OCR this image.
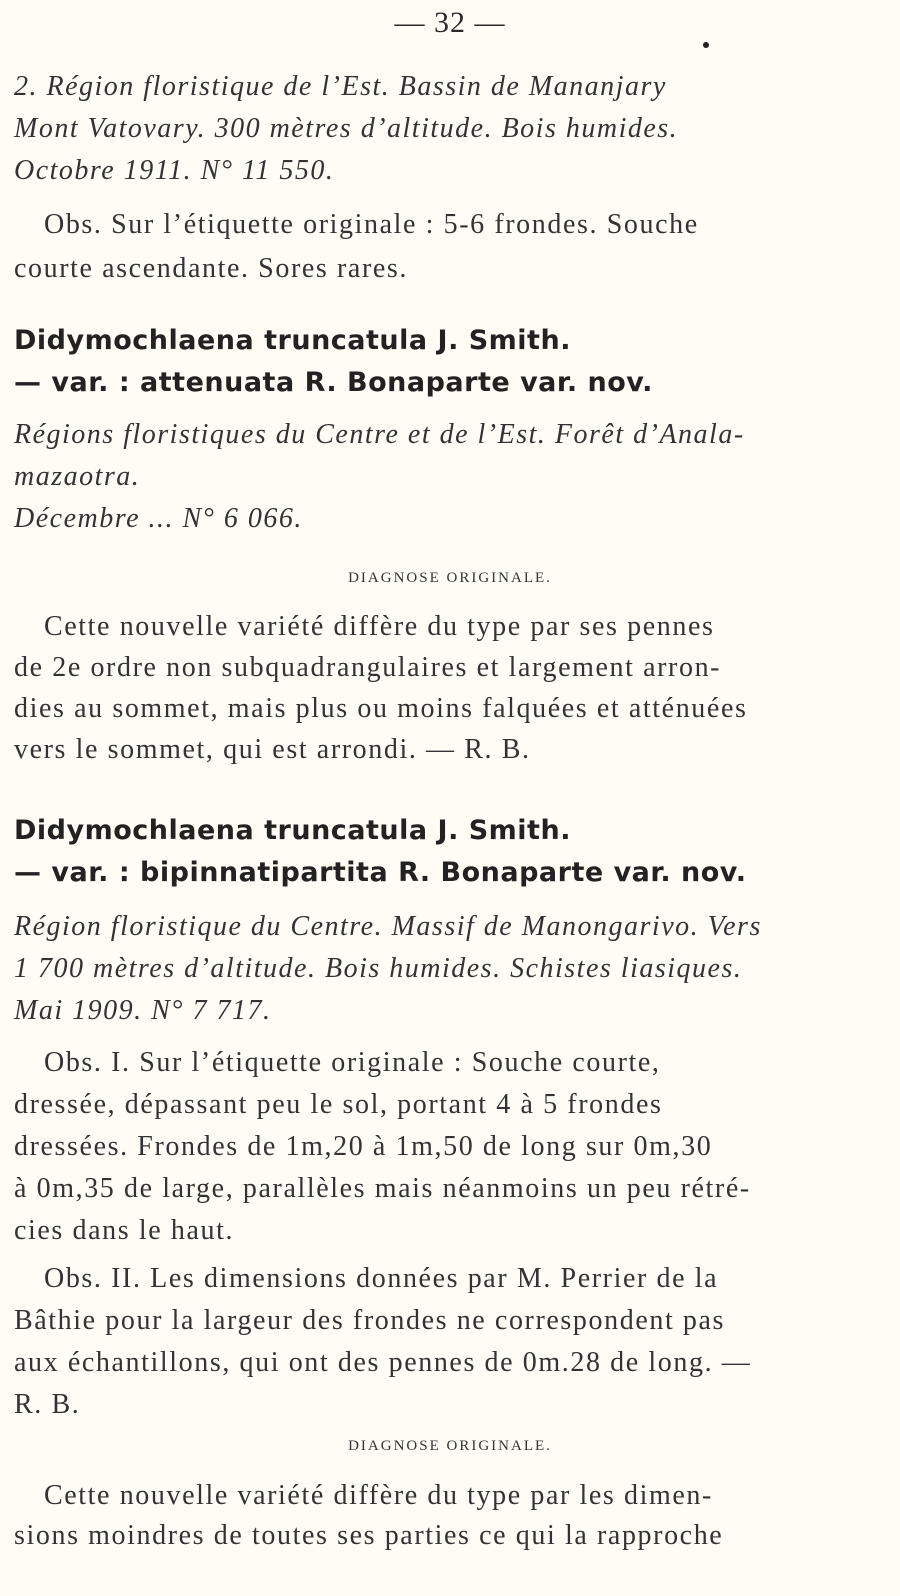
— 32 —
2. Région floristique de l’Est. Bassin de Mananjary
Mont Vatovary. 300 mètres d’altitude. Bois humides.
Octobre 1911. N° 11 550.
Obs. Sur l’étiquette originale : 5-6 frondes. Souche
courte ascendante. Sores rares.
Didymochlaena truncatula J. Smith.
— var. : attenuata R. Bonaparte var. nov.
Régions floristiques du Centre et de l’Est. Forêt d’Anala-
mazaotra.
Décembre ... N° 6 066.
DIAGNOSE ORIGINALE.
Cette nouvelle variété diffère du type par ses pennes
de 2e ordre non subquadrangulaires et largement arron-
dies au sommet, mais plus ou moins falquées et atténuées
vers le sommet, qui est arrondi. — R. B.
Didymochlaena truncatula J. Smith.
— var. : bipinnatipartita R. Bonaparte var. nov.
Région floristique du Centre. Massif de Manongarivo. Vers
1 700 mètres d’altitude. Bois humides. Schistes liasiques.
Mai 1909. N° 7 717.
Obs. I. Sur l’étiquette originale : Souche courte,
dressée, dépassant peu le sol, portant 4 à 5 frondes
dressées. Frondes de 1m,20 à 1m,50 de long sur 0m,30
à 0m,35 de large, parallèles mais néanmoins un peu rétré-
cies dans le haut.
Obs. II. Les dimensions données par M. Perrier de la
Bâthie pour la largeur des frondes ne correspondent pas
aux échantillons, qui ont des pennes de 0m.28 de long. —
R. B.
DIAGNOSE ORIGINALE.
Cette nouvelle variété diffère du type par les dimen-
sions moindres de toutes ses parties ce qui la rapproche
